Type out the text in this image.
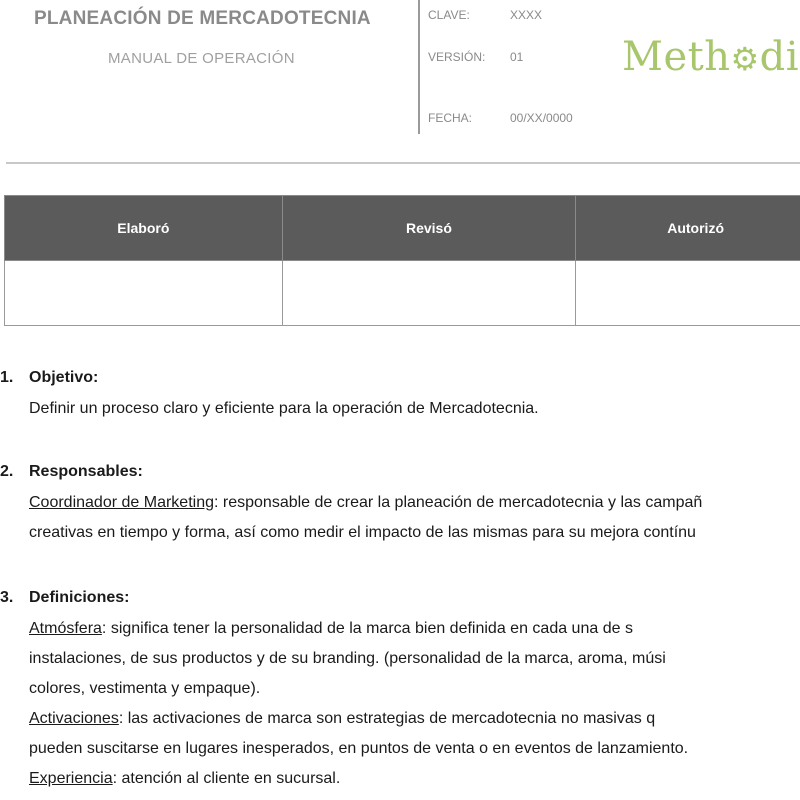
PLANEACIÓN DE MERCADOTECNIA
MANUAL DE OPERACIÓN
CLAVE:	XXXX
VERSIÓN: 01
FECHA:	00/XX/0000
Meth⚙di
Elaboró	Revisó	Autorizó

1. Objetivo:
Definir un proceso claro y eficiente para la operación de Mercadotecnia.
2. Responsables:
Coordinador de Marketing: responsable de crear la planeación de mercadotecnia y las campañ
creativas en tiempo y forma, así como medir el impacto de las mismas para su mejora contínu
3. Definiciones:
Atmósfera: significa tener la personalidad de la marca bien definida en cada una de s
instalaciones, de sus productos y de su branding. (personalidad de la marca, aroma, músi
colores, vestimenta y empaque).
Activaciones: las activaciones de marca son estrategias de mercadotecnia no masivas q
pueden suscitarse en lugares inesperados, en puntos de venta o en eventos de lanzamiento.
Experiencia: atención al cliente en sucursal.
